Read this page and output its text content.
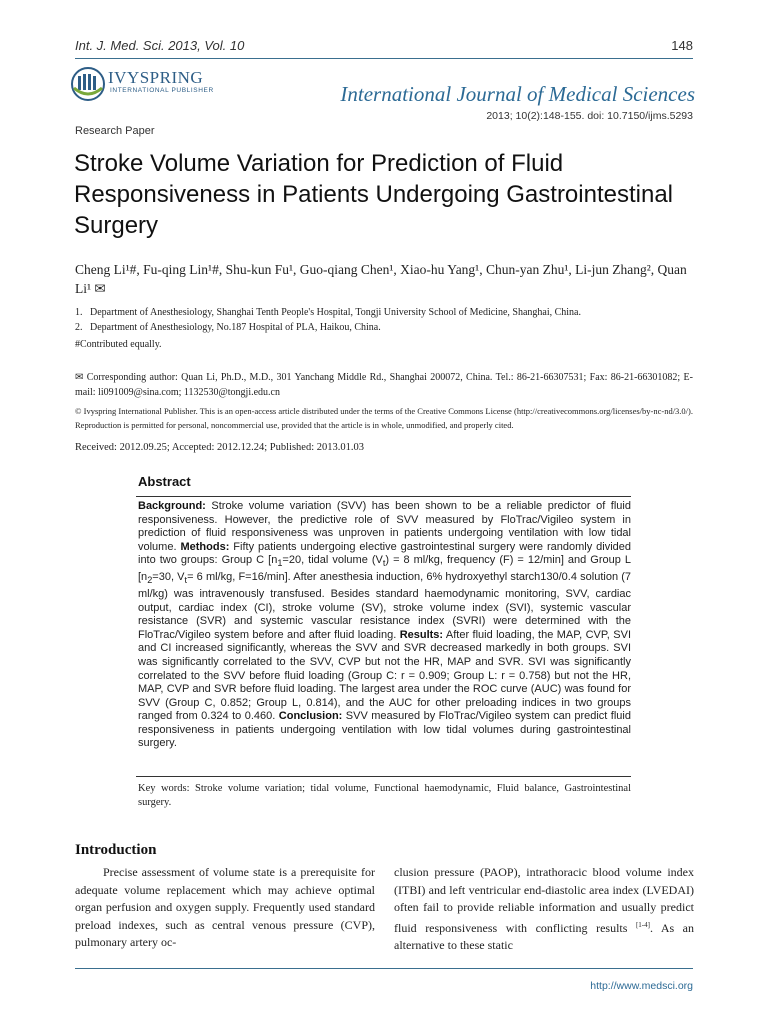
Int. J. Med. Sci. 2013, Vol. 10	148
IVYSPRING
INTERNATIONAL PUBLISHER	International Journal of Medical Sciences
2013; 10(2):148-155. doi: 10.7150/ijms.5293
Research Paper
Stroke Volume Variation for Prediction of Fluid Responsiveness in Patients Undergoing Gastrointestinal Surgery
Cheng Li¹#, Fu-qing Lin¹#, Shu-kun Fu¹, Guo-qiang Chen¹, Xiao-hu Yang¹, Chun-yan Zhu¹, Li-jun Zhang², Quan Li¹ ✉
1. Department of Anesthesiology, Shanghai Tenth People's Hospital, Tongji University School of Medicine, Shanghai, China.
2. Department of Anesthesiology, No.187 Hospital of PLA, Haikou, China.
#Contributed equally.
✉ Corresponding author: Quan Li, Ph.D., M.D., 301 Yanchang Middle Rd., Shanghai 200072, China. Tel.: 86-21-66307531; Fax: 86-21-66301082; E-mail: li091009@sina.com; 1132530@tongji.edu.cn
© Ivyspring International Publisher. This is an open-access article distributed under the terms of the Creative Commons License (http://creativecommons.org/licenses/by-nc-nd/3.0/). Reproduction is permitted for personal, noncommercial use, provided that the article is in whole, unmodified, and properly cited.
Received: 2012.09.25; Accepted: 2012.12.24; Published: 2013.01.03
Abstract
Background: Stroke volume variation (SVV) has been shown to be a reliable predictor of fluid responsiveness. However, the predictive role of SVV measured by FloTrac/Vigileo system in prediction of fluid responsiveness was unproven in patients undergoing ventilation with low tidal volume. Methods: Fifty patients undergoing elective gastrointestinal surgery were randomly divided into two groups: Group C [$n_1=20$, tidal volume $(V_t) = 8$ ml/kg, frequency (F) = 12/min] and Group L [$n_2=30$, $V_t= 6$ ml/kg, F=16/min]. After anesthesia induction, 6% hydroxyethyl starch130/0.4 solution (7 ml/kg) was intravenously transfused. Besides standard haemodynamic monitoring, SVV, cardiac output, cardiac index (CI), stroke volume (SV), stroke volume index (SVI), systemic vascular resistance (SVR) and systemic vascular resistance index (SVRI) were determined with the FloTrac/Vigileo system before and after fluid loading. Results: After fluid loading, the MAP, CVP, SVI and CI increased significantly, whereas the SVV and SVR decreased markedly in both groups. SVI was significantly correlated to the SVV, CVP but not the HR, MAP and SVR. SVI was significantly correlated to the SVV before fluid loading (Group C: r = 0.909; Group L: r = 0.758) but not the HR, MAP, CVP and SVR before fluid loading. The largest area under the ROC curve (AUC) was found for SVV (Group C, 0.852; Group L, 0.814), and the AUC for other preloading indices in two groups ranged from 0.324 to 0.460. Conclusion: SVV measured by FloTrac/Vigileo system can predict fluid responsiveness in patients undergoing ventilation with low tidal volumes during gastrointestinal surgery.
Key words: Stroke volume variation; tidal volume, Functional haemodynamic, Fluid balance, Gastrointestinal surgery.
Introduction
Precise assessment of volume state is a prerequisite for adequate volume replacement which may achieve optimal organ perfusion and oxygen supply. Frequently used standard preload indexes, such as central venous pressure (CVP), pulmonary artery oc-
clusion pressure (PAOP), intrathoracic blood volume index (ITBI) and left ventricular end-diastolic area index (LVEDAI) often fail to provide reliable information and usually predict fluid responsiveness with conflicting results [1-4]. As an alternative to these static
http://www.medsci.org
